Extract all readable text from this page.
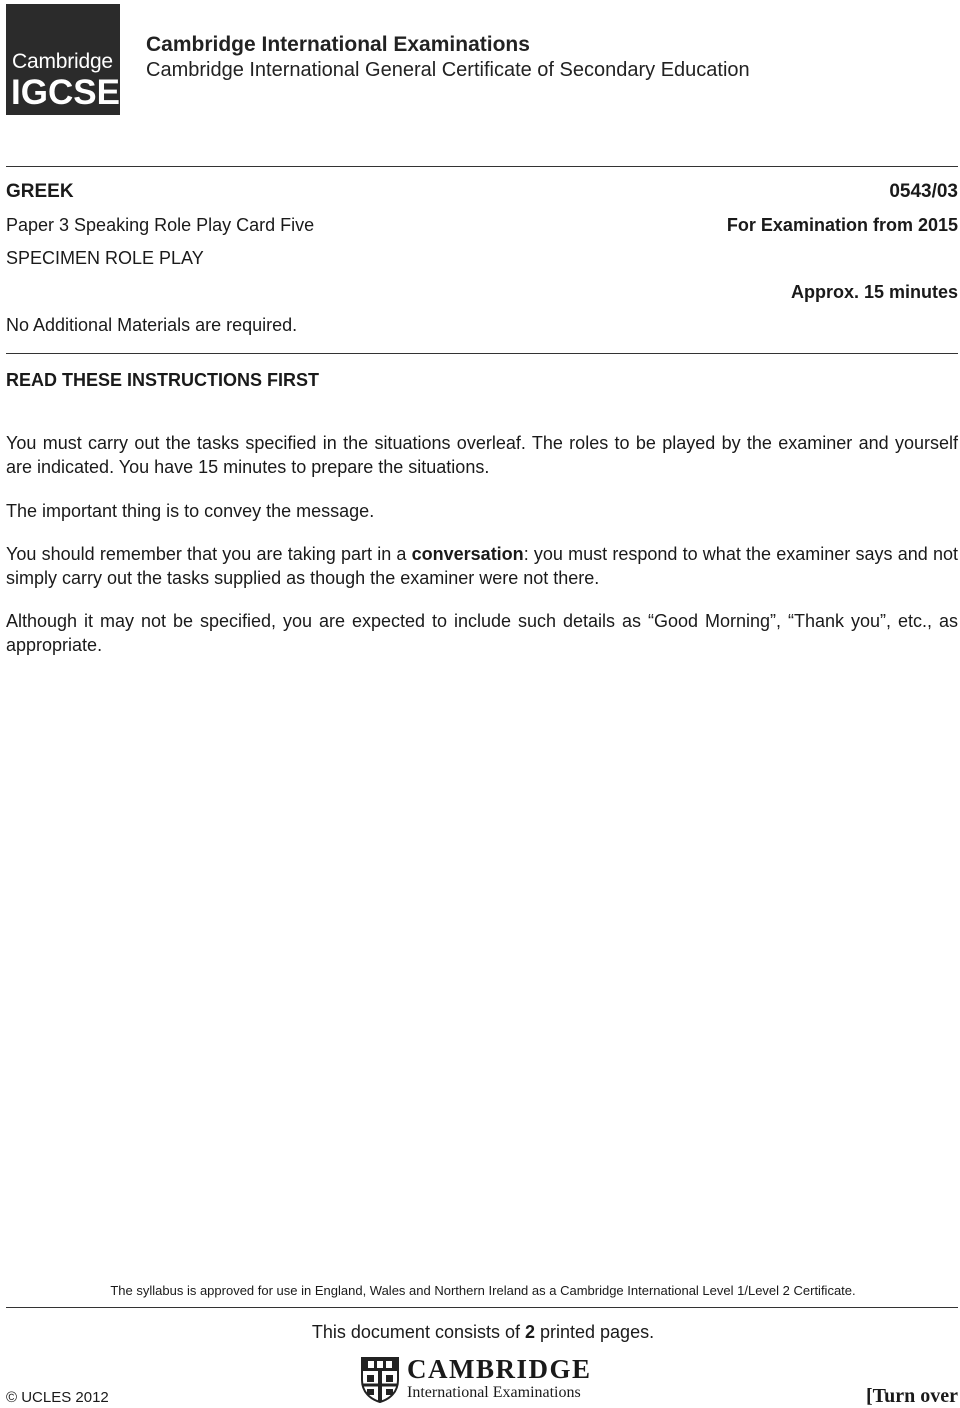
Cambridge
IGCSE
Cambridge International Examinations
Cambridge International General Certificate of Secondary Education
GREEK	0543/03
Paper 3 Speaking Role Play Card Five	For Examination from 2015
SPECIMEN ROLE PLAY
Approx. 15 minutes
No Additional Materials are required.
READ THESE INSTRUCTIONS FIRST

You must carry out the tasks specified in the situations overleaf. The roles to be played by the examiner and yourself are indicated. You have 15 minutes to prepare the situations.

The important thing is to convey the message.

You should remember that you are taking part in a conversation: you must respond to what the examiner says and not simply carry out the tasks supplied as though the examiner were not there.

Although it may not be specified, you are expected to include such details as “Good Morning”, “Thank you”, etc., as appropriate.

The syllabus is approved for use in England, Wales and Northern Ireland as a Cambridge International Level 1/Level 2 Certificate.
This document consists of 2 printed pages.
© UCLES 2012
CAMBRIDGE
International Examinations	[Turn over
